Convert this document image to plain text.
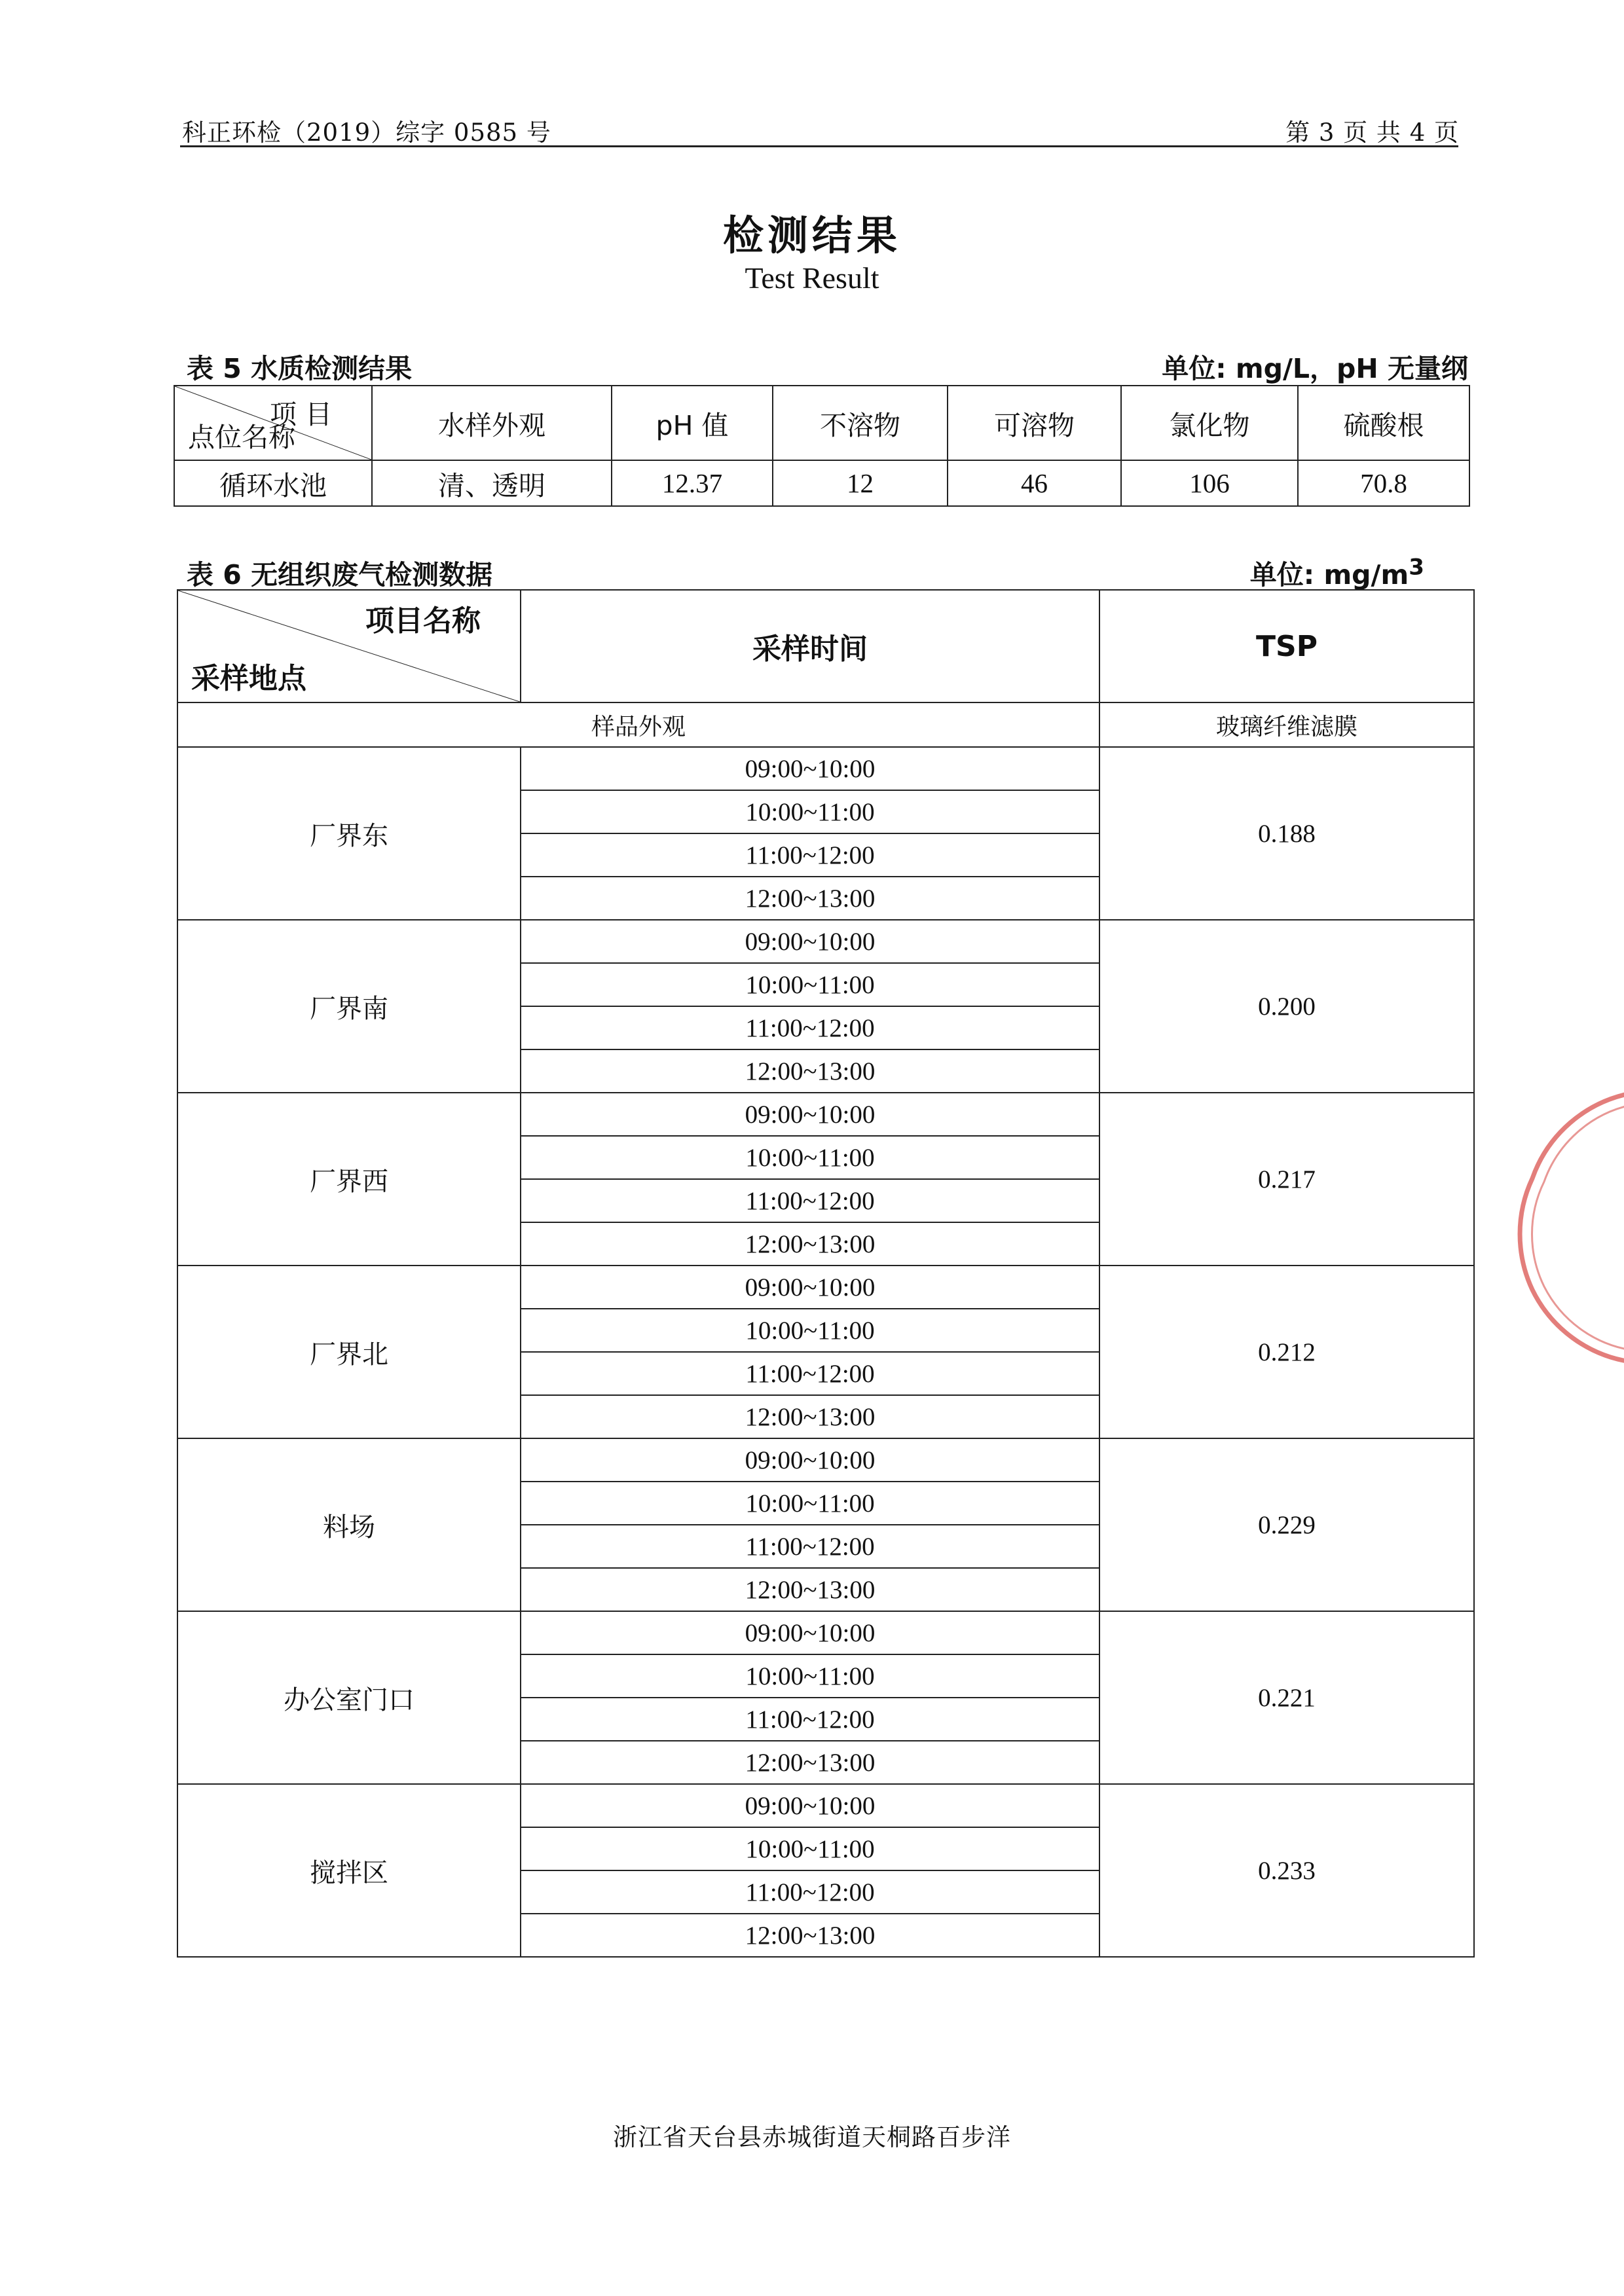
科正环检（2019）综字 0585 号	第 3 页 共 4 页
检测结果
Test Result
表 5 水质检测结果	单位: mg/L，pH 无量纲
项 目
点位名称	水样外观	pH 值	不溶物	可溶物	氯化物	硫酸根
循环水池	清、透明	12.37	12	46	106	70.8
表 6 无组织废气检测数据	单位: $mg/m^3$
项目名称
采样地点	采样时间	TSP
样品外观		玻璃纤维滤膜
厂界东	09:00~10:00	0.188
	10:00~11:00	
	11:00~12:00	
	12:00~13:00	
厂界南	09:00~10:00	0.200
	10:00~11:00	
	11:00~12:00	
	12:00~13:00	
厂界西	09:00~10:00	0.217
	10:00~11:00	
	11:00~12:00	
	12:00~13:00	
厂界北	09:00~10:00	0.212
	10:00~11:00	
	11:00~12:00	
	12:00~13:00	
料场	09:00~10:00	0.229
	10:00~11:00	
	11:00~12:00	
	12:00~13:00	
办公室门口	09:00~10:00	0.221
	10:00~11:00	
	11:00~12:00	
	12:00~13:00	
搅拌区	09:00~10:00	0.233
	10:00~11:00	
	11:00~12:00	
	12:00~13:00	
浙江省天台县赤城街道天桐路百步洋
